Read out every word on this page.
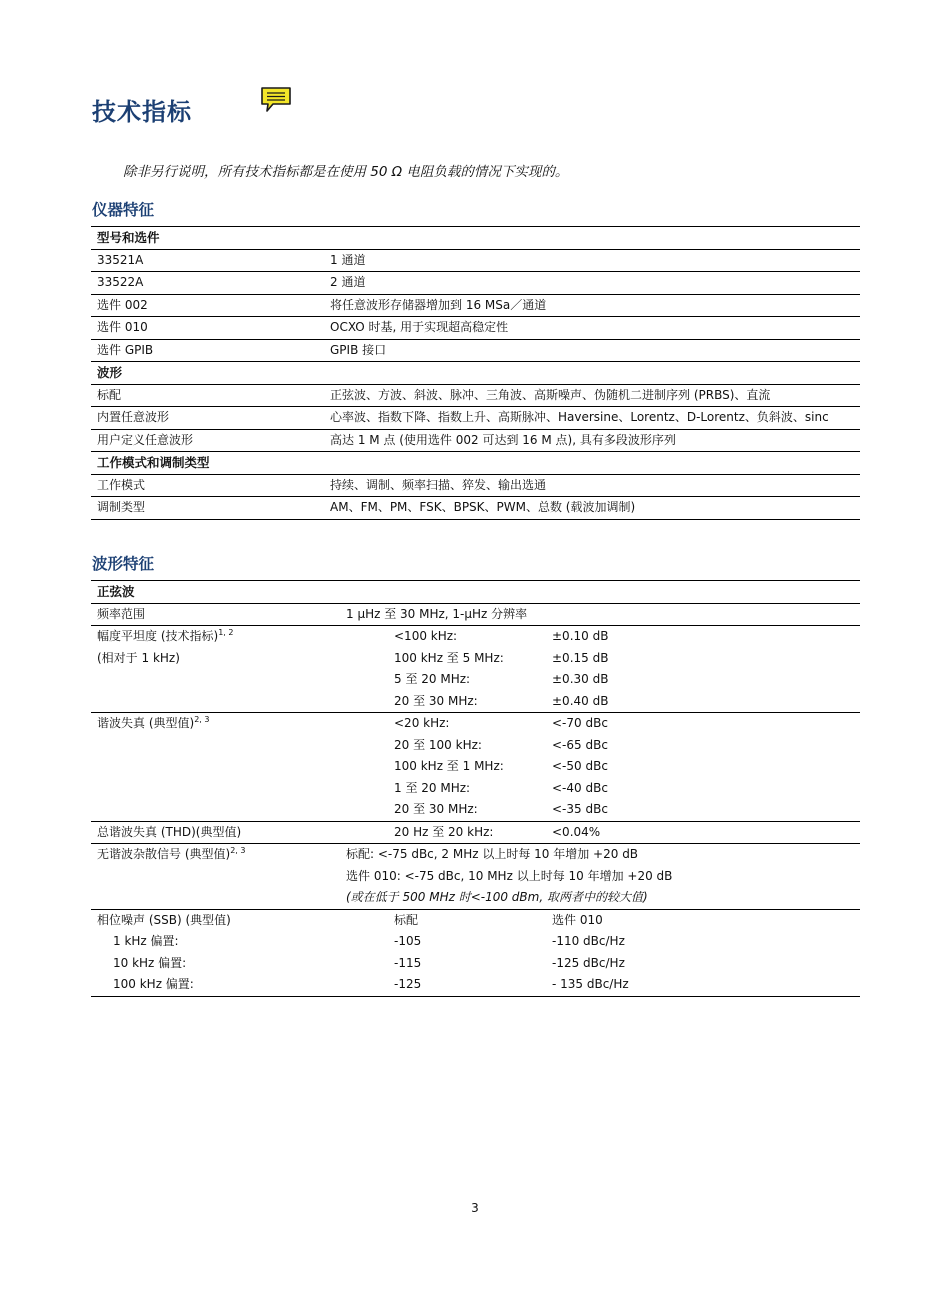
技术指标
除非另行说明，所有技术指标都是在使用 50 Ω 电阻负载的情况下实现的。
仪器特征
型号和选件	
33521A	1 通道
33522A	2 通道
选件 002	将任意波形存储器增加到 16 MSa／通道
选件 010	OCXO 时基, 用于实现超高稳定性
选件 GPIB	GPIB 接口
波形	
标配	正弦波、方波、斜波、脉冲、三角波、高斯噪声、伪随机二进制序列 (PRBS)、直流
内置任意波形	心率波、指数下降、指数上升、高斯脉冲、Haversine、Lorentz、D-Lorentz、负斜波、sinc
用户定义任意波形	高达 1 M 点 (使用选件 002 可达到 16 M 点), 具有多段波形序列
工作模式和调制类型	
工作模式	持续、调制、频率扫描、猝发、输出选通
调制类型	AM、FM、PM、FSK、BPSK、PWM、总数 (载波加调制)
波形特征
正弦波			
频率范围	1 μHz 至 30 MHz, 1-μHz 分辨率		
幅度平坦度 (技术指标)$^{1, 2}$		<100 kHz:	±0.10 dB
(相对于 1 kHz)		100 kHz 至 5 MHz:	±0.15 dB
		5 至 20 MHz:	±0.30 dB
		20 至 30 MHz:	±0.40 dB
谐波失真 (典型值)$^{2, 3}$		<20 kHz:	<-70 dBc
		20 至 100 kHz:	<-65 dBc
		100 kHz 至 1 MHz:	<-50 dBc
		1 至 20 MHz:	<-40 dBc
		20 至 30 MHz:	<-35 dBc
总谐波失真 (THD)(典型值)		20 Hz 至 20 kHz:	<0.04%
无谐波杂散信号 (典型值)$^{2, 3}$	标配: <-75 dBc, 2 MHz 以上时每 10 年增加 +20 dB		
	选件 010: <-75 dBc, 10 MHz 以上时每 10 年增加 +20 dB		
	(或在低于 500 MHz 时<-100 dBm, 取两者中的较大值)		
相位噪声 (SSB) (典型值)		标配	选件 010
1 kHz 偏置:		-105	-110 dBc/Hz
10 kHz 偏置:		-115	-125 dBc/Hz
100 kHz 偏置:		-125	- 135 dBc/Hz
3
